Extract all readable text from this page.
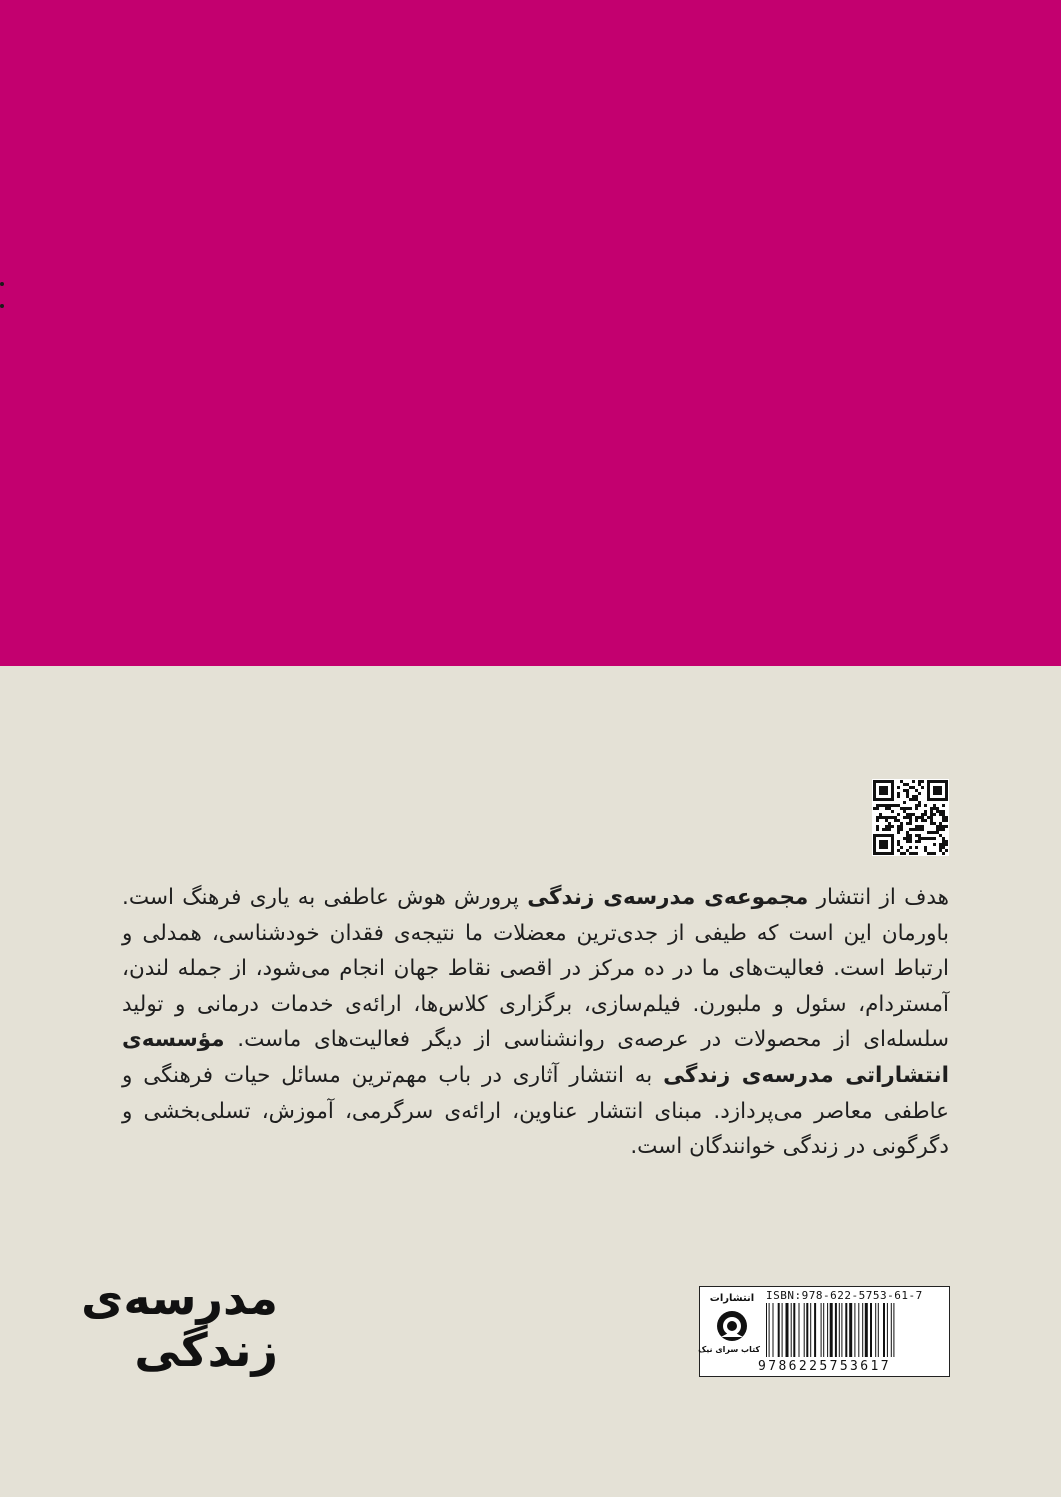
هدف از انتشار مجموعه‌ی مدرسه‌ی زندگی پرورش هوش عاطفی به یاری فرهنگ است. باورمان این است که طیفی از جدی‌ترین معضلات ما نتیجه‌ی فقدان خودشناسی، همدلی و ارتباط است. فعالیت‌های ما در ده مرکز در اقصی نقاط جهان انجام می‌شود، از جمله لندن، آمستردام، سئول و ملبورن. فیلم‌سازی، برگزاری کلاس‌ها، ارائه‌ی خدمات درمانی و تولید سلسله‌ای از محصولات در عرصه‌ی روانشناسی از دیگر فعالیت‌های ماست. مؤسسه‌ی انتشاراتی مدرسه‌ی زندگی به انتشار آثاری در باب مهم‌ترین مسائل حیات فرهنگی و عاطفی معاصر می‌پردازد. مبنای انتشار عناوین، ارائه‌ی سرگرمی، آموزش، تسلی‌بخشی و دگرگونی در زندگی خوانندگان است.
مدرسه‌ی
زندگی
انتشارات
کتاب سرای نیک
ISBN:978-622-5753-61-7
9786225753617
